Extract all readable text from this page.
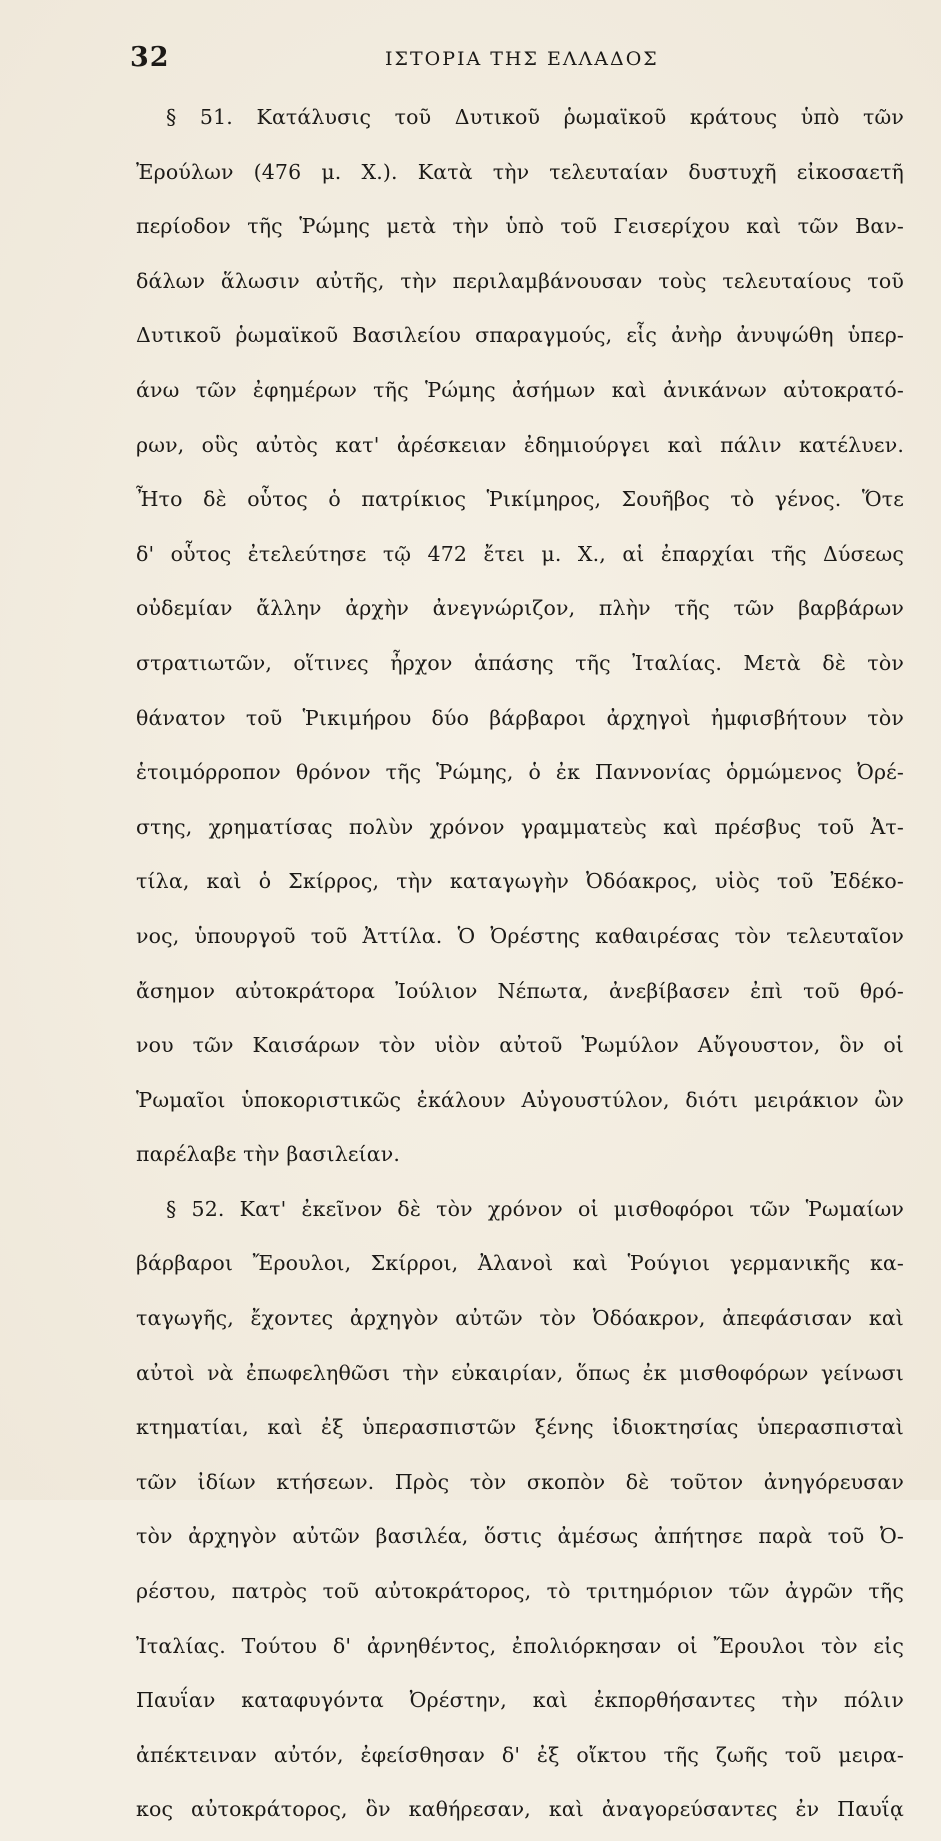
32	ΙΣΤΟΡΙΑ ΤΗΣ ΕΛΛΑΔΟΣ
§ 51. Κατάλυσις τοῦ Δυτικοῦ ῥωμαϊκοῦ κράτους ὑπὸ τῶν
Ἐρούλων (476 μ. Χ.). Κατὰ τὴν τελευταίαν δυστυχῆ εἰκοσαετῆ
περίοδον τῆς Ῥώμης μετὰ τὴν ὑπὸ τοῦ Γεισερίχου καὶ τῶν Βαν-
δάλων ἅλωσιν αὐτῆς, τὴν περιλαμβάνουσαν τοὺς τελευταίους τοῦ
Δυτικοῦ ῥωμαϊκοῦ Βασιλείου σπαραγμούς, εἷς ἀνὴρ ἀνυψώθη ὑπερ-
άνω τῶν ἐφημέρων τῆς Ῥώμης ἀσήμων καὶ ἀνικάνων αὐτοκρατό-
ρων, οὓς αὐτὸς κατ' ἀρέσκειαν ἐδημιούργει καὶ πάλιν κατέλυεν.
Ἦτο δὲ οὗτος ὁ πατρίκιος Ῥικίμηρος, Σουῆβος τὸ γένος. Ὅτε
δ' οὗτος ἐτελεύτησε τῷ 472 ἔτει μ. Χ., αἱ ἐπαρχίαι τῆς Δύσεως
οὐδεμίαν ἄλλην ἀρχὴν ἀνεγνώριζον, πλὴν τῆς τῶν βαρβάρων
στρατιωτῶν, οἵτινες ἦρχον ἁπάσης τῆς Ἰταλίας. Μετὰ δὲ τὸν
θάνατον τοῦ Ῥικιμήρου δύο βάρβαροι ἀρχηγοὶ ἠμφισβήτουν τὸν
ἑτοιμόρροπον θρόνον τῆς Ῥώμης, ὁ ἐκ Παννονίας ὁρμώμενος Ὀρέ-
στης, χρηματίσας πολὺν χρόνον γραμματεὺς καὶ πρέσβυς τοῦ Ἀτ-
τίλα, καὶ ὁ Σκίρρος, τὴν καταγωγὴν Ὀδόακρος, υἱὸς τοῦ Ἐδέκο-
νος, ὑπουργοῦ τοῦ Ἀττίλα. Ὁ Ὀρέστης καθαιρέσας τὸν τελευταῖον
ἄσημον αὐτοκράτορα Ἰούλιον Νέπωτα, ἀνεβίβασεν ἐπὶ τοῦ θρό-
νου τῶν Καισάρων τὸν υἱὸν αὐτοῦ Ῥωμύλον Αὔγουστον, ὃν οἱ
Ῥωμαῖοι ὑποκοριστικῶς ἐκάλουν Αὐγουστύλον, διότι μειράκιον ὢν
παρέλαβε τὴν βασιλείαν.
§ 52. Κατ' ἐκεῖνον δὲ τὸν χρόνον οἱ μισθοφόροι τῶν Ῥωμαίων
βάρβαροι Ἔρουλοι, Σκίρροι, Ἀλανοὶ καὶ Ῥούγιοι γερμανικῆς κα-
ταγωγῆς, ἔχοντες ἀρχηγὸν αὐτῶν τὸν Ὀδόακρον, ἀπεφάσισαν καὶ
αὐτοὶ νὰ ἐπωφεληθῶσι τὴν εὐκαιρίαν, ὅπως ἐκ μισθοφόρων γείνωσι
κτηματίαι, καὶ ἐξ ὑπερασπιστῶν ξένης ἰδιοκτησίας ὑπερασπισταὶ
τῶν ἰδίων κτήσεων. Πρὸς τὸν σκοπὸν δὲ τοῦτον ἀνηγόρευσαν
τὸν ἀρχηγὸν αὐτῶν βασιλέα, ὅστις ἀμέσως ἀπήτησε παρὰ τοῦ Ὀ-
ρέστου, πατρὸς τοῦ αὐτοκράτορος, τὸ τριτημόριον τῶν ἀγρῶν τῆς
Ἰταλίας. Τούτου δ' ἀρνηθέντος, ἐπολιόρκησαν οἱ Ἔρουλοι τὸν εἰς
Παυΐαν καταφυγόντα Ὀρέστην, καὶ ἐκπορθήσαντες τὴν πόλιν
ἀπέκτειναν αὐτόν, ἐφείσθησαν δ' ἐξ οἴκτου τῆς ζωῆς τοῦ μειρα-
κος αὐτοκράτορος, ὃν καθήρεσαν, καὶ ἀναγορεύσαντες ἐν Παυΐᾳ
